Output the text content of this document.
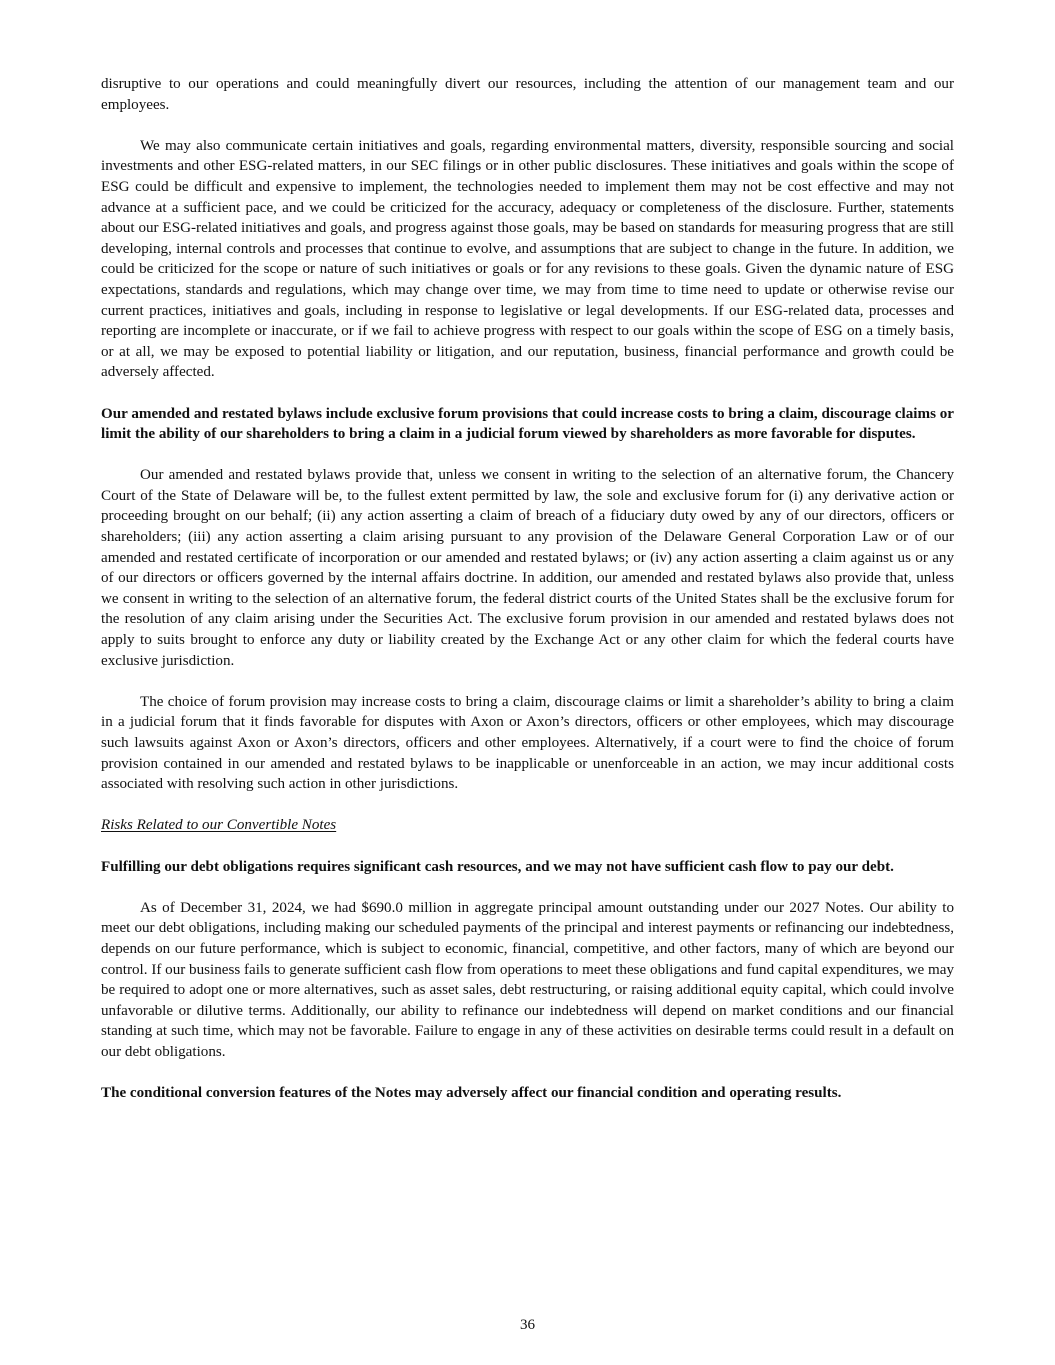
disruptive to our operations and could meaningfully divert our resources, including the attention of our management team and our employees.

We may also communicate certain initiatives and goals, regarding environmental matters, diversity, responsible sourcing and social investments and other ESG-related matters, in our SEC filings or in other public disclosures. These initiatives and goals within the scope of ESG could be difficult and expensive to implement, the technologies needed to implement them may not be cost effective and may not advance at a sufficient pace, and we could be criticized for the accuracy, adequacy or completeness of the disclosure. Further, statements about our ESG-related initiatives and goals, and progress against those goals, may be based on standards for measuring progress that are still developing, internal controls and processes that continue to evolve, and assumptions that are subject to change in the future. In addition, we could be criticized for the scope or nature of such initiatives or goals or for any revisions to these goals. Given the dynamic nature of ESG expectations, standards and regulations, which may change over time, we may from time to time need to update or otherwise revise our current practices, initiatives and goals, including in response to legislative or legal developments. If our ESG-related data, processes and reporting are incomplete or inaccurate, or if we fail to achieve progress with respect to our goals within the scope of ESG on a timely basis, or at all, we may be exposed to potential liability or litigation, and our reputation, business, financial performance and growth could be adversely affected.

Our amended and restated bylaws include exclusive forum provisions that could increase costs to bring a claim, discourage claims or limit the ability of our shareholders to bring a claim in a judicial forum viewed by shareholders as more favorable for disputes.

Our amended and restated bylaws provide that, unless we consent in writing to the selection of an alternative forum, the Chancery Court of the State of Delaware will be, to the fullest extent permitted by law, the sole and exclusive forum for (i) any derivative action or proceeding brought on our behalf; (ii) any action asserting a claim of breach of a fiduciary duty owed by any of our directors, officers or shareholders; (iii) any action asserting a claim arising pursuant to any provision of the Delaware General Corporation Law or of our amended and restated certificate of incorporation or our amended and restated bylaws; or (iv) any action asserting a claim against us or any of our directors or officers governed by the internal affairs doctrine. In addition, our amended and restated bylaws also provide that, unless we consent in writing to the selection of an alternative forum, the federal district courts of the United States shall be the exclusive forum for the resolution of any claim arising under the Securities Act. The exclusive forum provision in our amended and restated bylaws does not apply to suits brought to enforce any duty or liability created by the Exchange Act or any other claim for which the federal courts have exclusive jurisdiction.

The choice of forum provision may increase costs to bring a claim, discourage claims or limit a shareholder’s ability to bring a claim in a judicial forum that it finds favorable for disputes with Axon or Axon’s directors, officers or other employees, which may discourage such lawsuits against Axon or Axon’s directors, officers and other employees. Alternatively, if a court were to find the choice of forum provision contained in our amended and restated bylaws to be inapplicable or unenforceable in an action, we may incur additional costs associated with resolving such action in other jurisdictions.

Risks Related to our Convertible Notes

Fulfilling our debt obligations requires significant cash resources, and we may not have sufficient cash flow to pay our debt.

As of December 31, 2024, we had $690.0 million in aggregate principal amount outstanding under our 2027 Notes. Our ability to meet our debt obligations, including making our scheduled payments of the principal and interest payments or refinancing our indebtedness, depends on our future performance, which is subject to economic, financial, competitive, and other factors, many of which are beyond our control. If our business fails to generate sufficient cash flow from operations to meet these obligations and fund capital expenditures, we may be required to adopt one or more alternatives, such as asset sales, debt restructuring, or raising additional equity capital, which could involve unfavorable or dilutive terms. Additionally, our ability to refinance our indebtedness will depend on market conditions and our financial standing at such time, which may not be favorable. Failure to engage in any of these activities on desirable terms could result in a default on our debt obligations.

The conditional conversion features of the Notes may adversely affect our financial condition and operating results.

36
